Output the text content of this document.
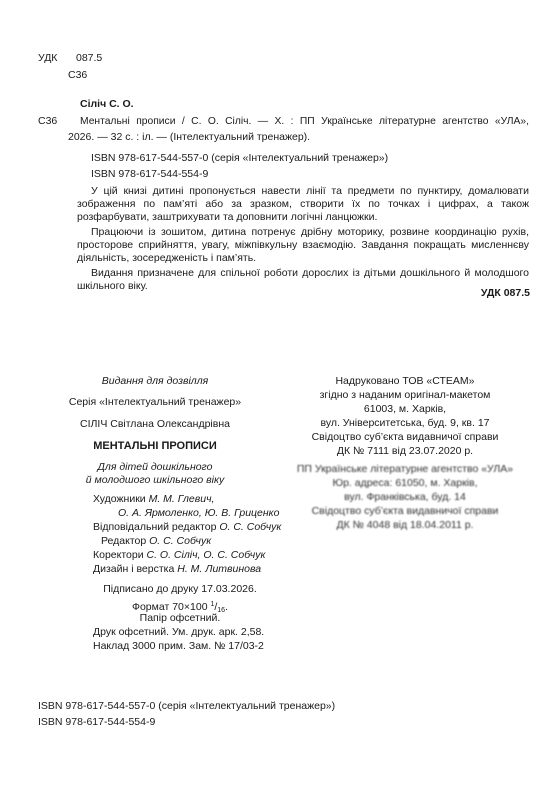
УДК 087.5
С36
С36
Сіліч С. О.
Ментальні прописи / С. О. Сіліч. — Х. : ПП Українське літературне агентство «УЛА»,
2026. — 32 с. : іл. — (Інтелектуальний тренажер).
ISBN 978-617-544-557-0 (серія «Інтелектуальний тренажер»)
ISBN 978-617-544-554-9

У цій книзі дитині пропонується навести лінії та предмети по пунктиру, домалювати зображення по пам’яті або за зразком, створити їх по точках і цифрах, а також розфарбувати, заштрихувати та доповнити логічні ланцюжки.

Працюючи із зошитом, дитина потренує дрібну моторику, розвине координацію рухів, просторове сприйняття, увагу, міжпівкульну взаємодію. Завдання покращать мисленнєву діяльність, зосередженість і пам’ять.

Видання призначене для спільної роботи дорослих із дітьми дошкільного й молодшого шкільного віку.

УДК 087.5
Видання для дозвілля
Серія «Інтелектуальний тренажер»
СІЛІЧ Світлана Олександрівна
МЕНТАЛЬНІ ПРОПИСИ
Для дітей дошкільного
й молодшого шкільного віку
Художники М. М. Глевич,
О. А. Ярмоленко, Ю. В. Гриценко
Відповідальний редактор О. С. Собчук
Редактор О. С. Собчук
Коректори С. О. Сіліч, О. С. Собчук
Дизайн і верстка Н. М. Литвинова
Підписано до друку 17.03.2026.
Формат 70×100 $^1/_{16}$.
Папір офсетний.
Друк офсетний. Ум. друк. арк. 2,58.
Наклад 3000 прим. Зам. № 17/03-2
Надруковано ТОВ «СТЕАМ»
згідно з наданим оригінал-макетом
61003, м. Харків,
вул. Університетська, буд. 9, кв. 17
Свідоцтво суб’єкта видавничої справи
ДК № 7111 від 23.07.2020 р.
ПП Українське літературне агентство «УЛА»
Юр. адреса: 61050, м. Харків,
вул. Франківська, буд. 14
Свідоцтво суб’єкта видавничої справи
ДК № 4048 від 18.04.2011 р.
ISBN 978-617-544-557-0 (серія «Інтелектуальний тренажер»)
ISBN 978-617-544-554-9
